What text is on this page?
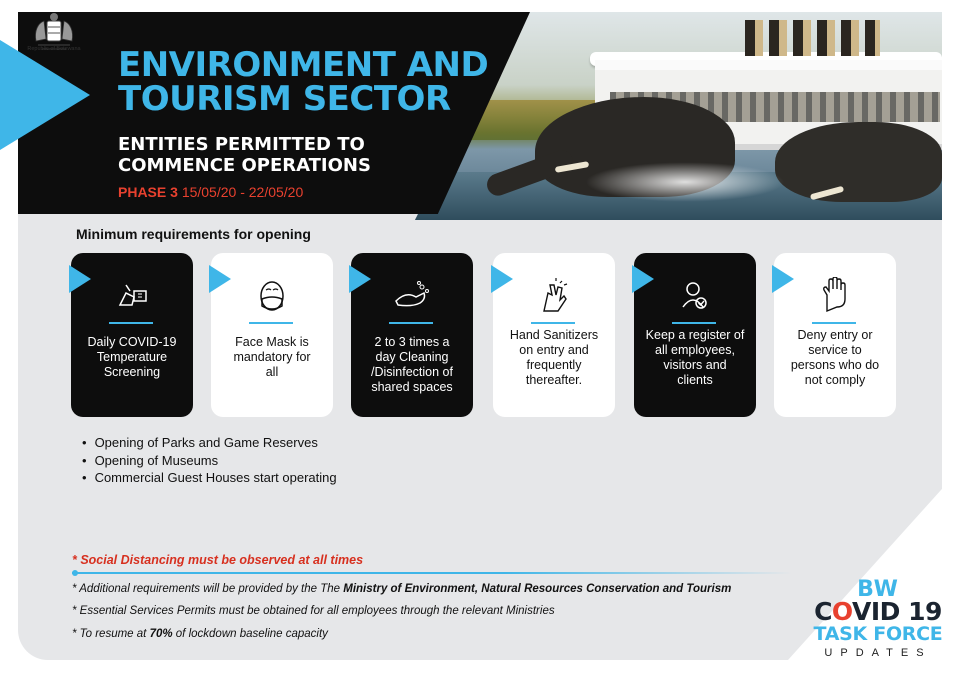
Republic of Botswana ENVIRONMENT AND
TOURISM SECTOR
ENTITIES PERMITTED TO
COMMENCE OPERATIONS
PHASE 3 15/05/20 - 22/05/20
Minimum requirements for opening
Daily COVID-19
Temperature
Screening
Face Mask is
mandatory for
all
2 to 3 times a
day Cleaning
/Disinfection of
shared spaces
Hand Sanitizers
on entry and
frequently
thereafter.
Keep a register of
all employees,
visitors and
clients
Deny entry or
service to
persons who do
not comply
• Opening of Parks and Game Reserves
• Opening of Museums
• Commercial Guest Houses start operating
* Social Distancing must be observed at all times
* Additional requirements will be provided by the The Ministry of Environment, Natural Resources Conservation and Tourism
* Essential Services Permits must be obtained for all employees through the relevant Ministries
* To resume at 70% of lockdown baseline capacity
BW
COVID 19
TASK FORCE
UPDATES
